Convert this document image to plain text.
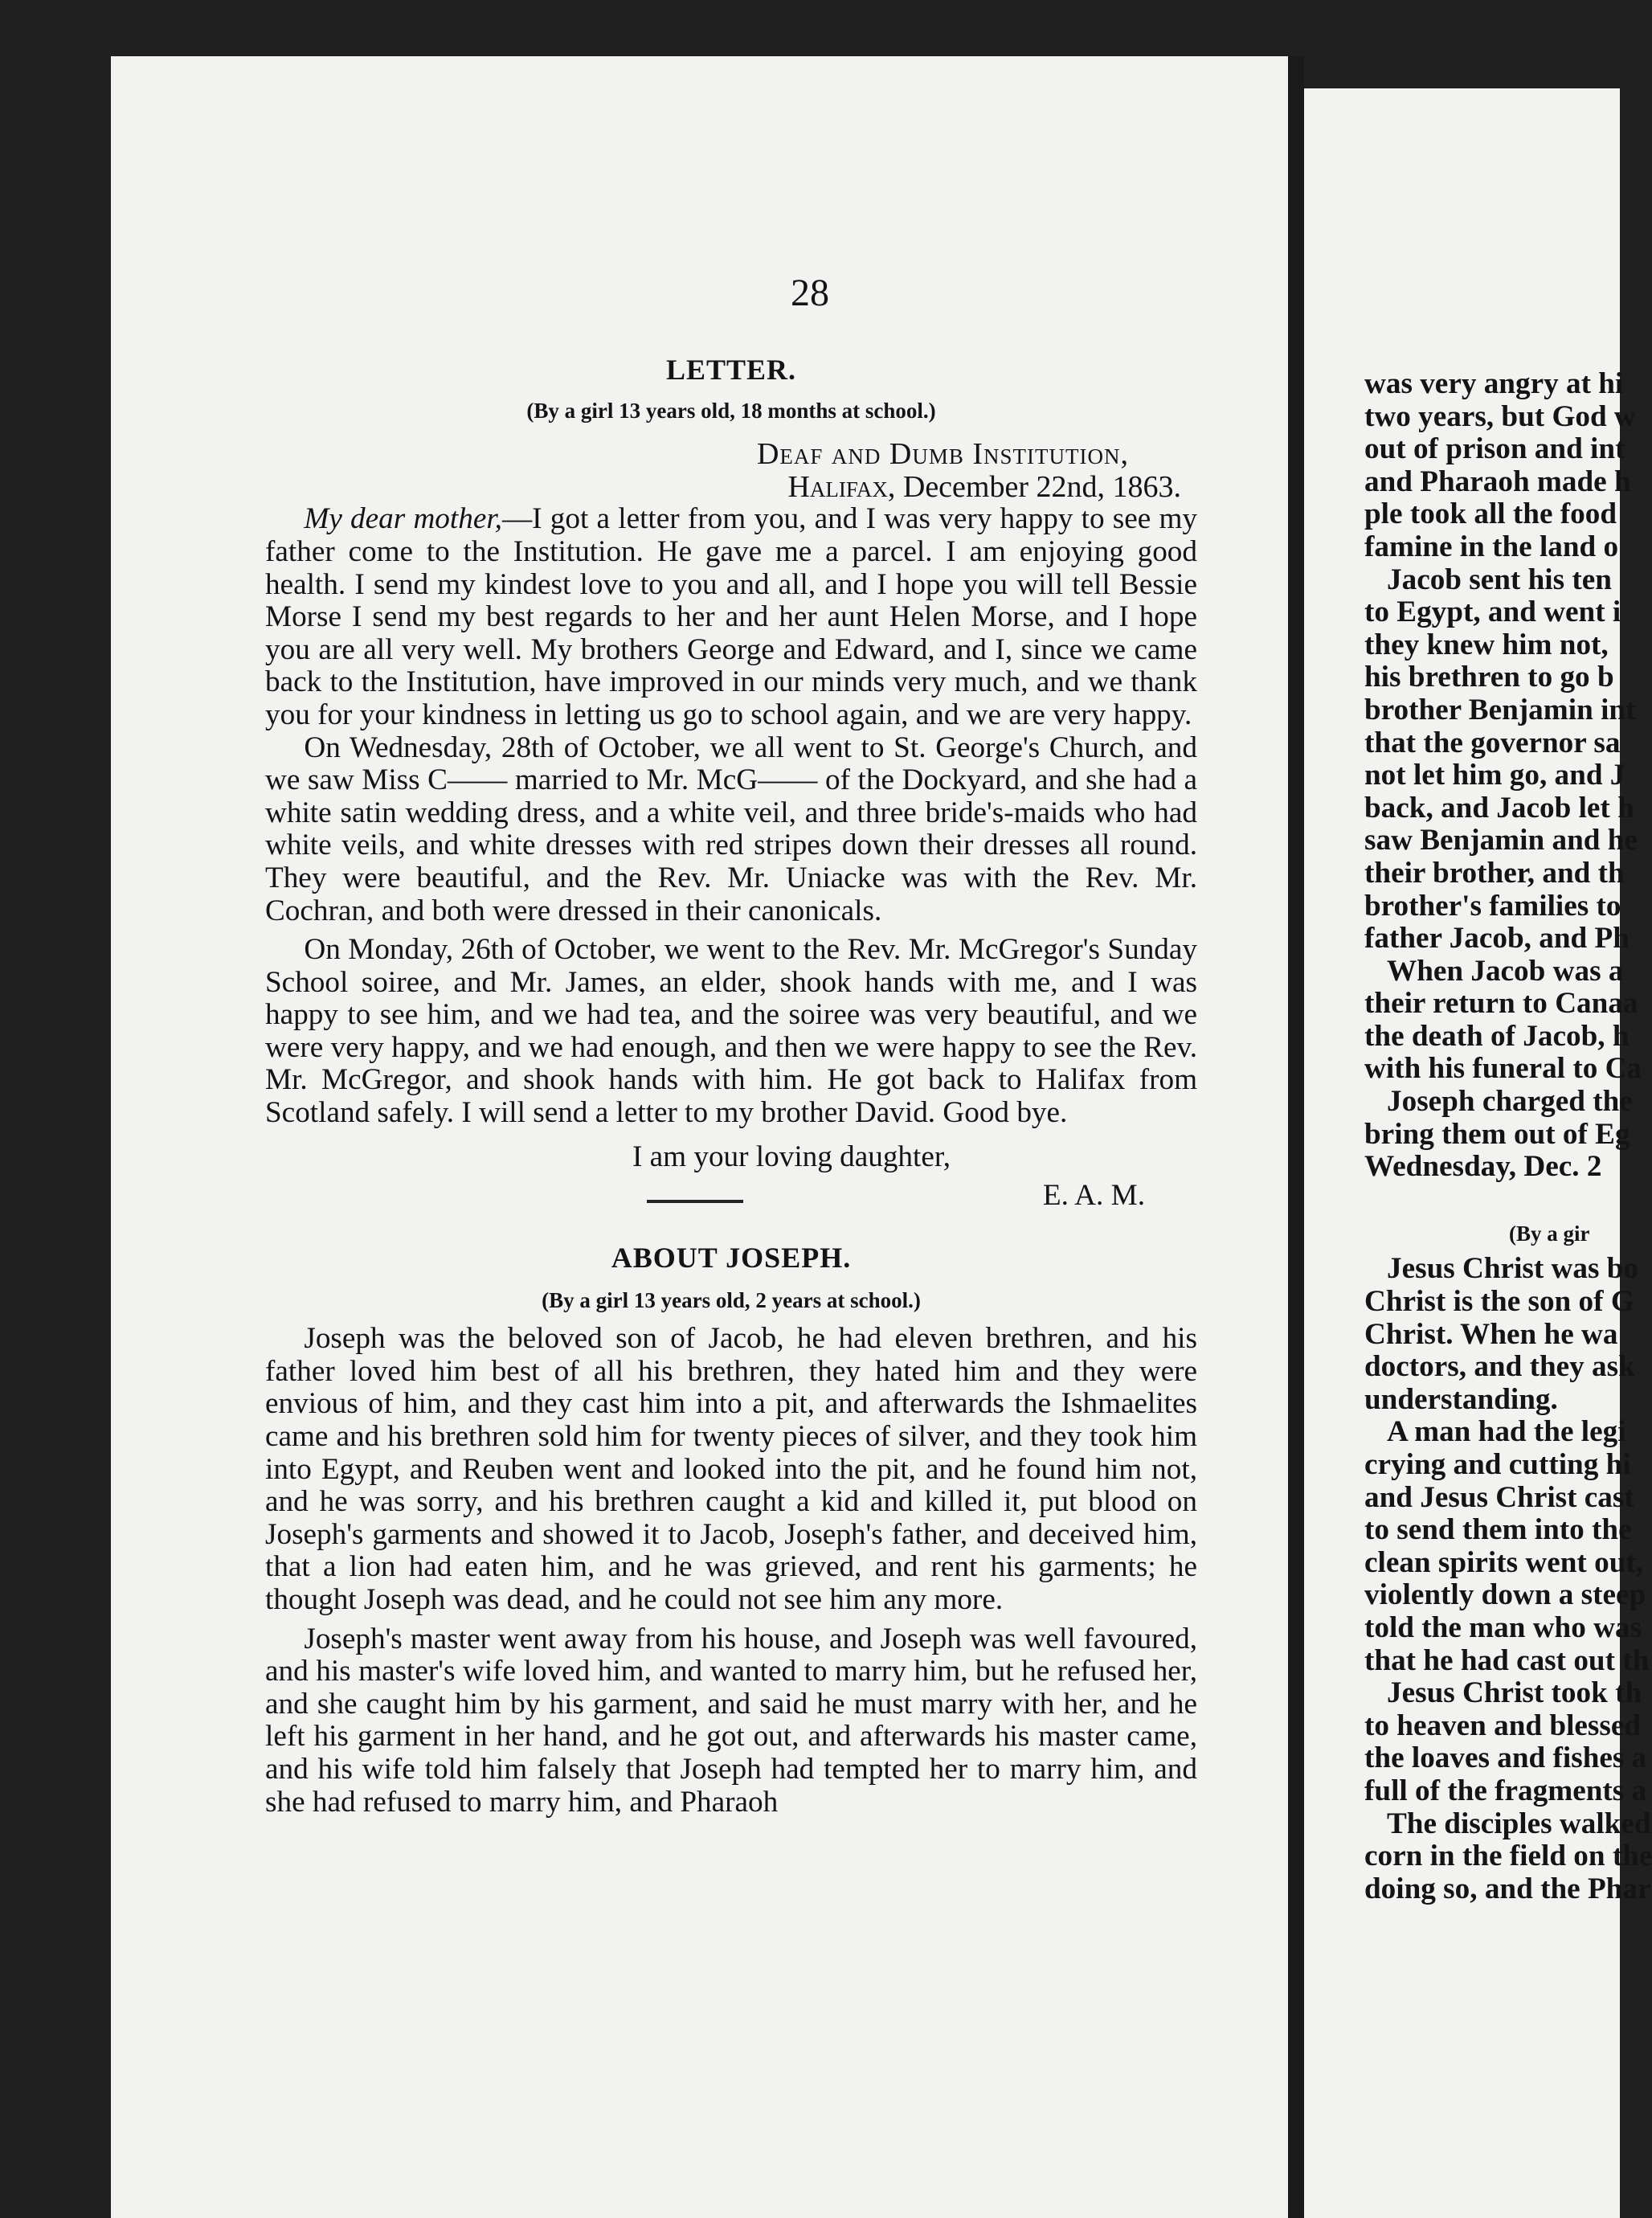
28
LETTER.
(By a girl 13 years old, 18 months at school.)
Deaf and Dumb Institution,
Halifax, December 22nd, 1863.

My dear mother,—I got a letter from you, and I was very happy to see my father come to the Institution. He gave me a parcel. I am enjoying good health. I send my kindest love to you and all, and I hope you will tell Bessie Morse I send my best regards to her and her aunt Helen Morse, and I hope you are all very well. My brothers George and Edward, and I, since we came back to the Institution, have improved in our minds very much, and we thank you for your kindness in letting us go to school again, and we are very happy.

On Wednesday, 28th of October, we all went to St. George's Church, and we saw Miss C—— married to Mr. McG—— of the Dockyard, and she had a white satin wedding dress, and a white veil, and three bride's-maids who had white veils, and white dresses with red stripes down their dresses all round. They were beautiful, and the Rev. Mr. Uniacke was with the Rev. Mr. Cochran, and both were dressed in their canonicals.

On Monday, 26th of October, we went to the Rev. Mr. McGregor's Sunday School soiree, and Mr. James, an elder, shook hands with me, and I was happy to see him, and we had tea, and the soiree was very beautiful, and we were very happy, and we had enough, and then we were happy to see the Rev. Mr. McGregor, and shook hands with him. He got back to Halifax from Scotland safely. I will send a letter to my brother David. Good bye.

I am your loving daughter,
E. A. M.
ABOUT JOSEPH.
(By a girl 13 years old, 2 years at school.)

Joseph was the beloved son of Jacob, he had eleven brethren, and his father loved him best of all his brethren, they hated him and they were envious of him, and they cast him into a pit, and afterwards the Ishmaelites came and his brethren sold him for twenty pieces of silver, and they took him into Egypt, and Reuben went and looked into the pit, and he found him not, and he was sorry, and his brethren caught a kid and killed it, put blood on Joseph's garments and showed it to Jacob, Joseph's father, and deceived him, that a lion had eaten him, and he was grieved, and rent his garments; he thought Joseph was dead, and he could not see him any more.

Joseph's master went away from his house, and Joseph was well favoured, and his master's wife loved him, and wanted to marry him, but he refused her, and she caught him by his garment, and said he must marry with her, and he left his garment in her hand, and he got out, and afterwards his master came, and his wife told him falsely that Joseph had tempted her to marry him, and she had refused to marry him, and Pharaoh

was very angry at hi
two years, but God w
out of prison and int
and Pharaoh made h
ple took all the food
famine in the land o
Jacob sent his ten
to Egypt, and went i
they knew him not,
his brethren to go b
brother Benjamin int
that the governor sa
not let him go, and J
back, and Jacob let h
saw Benjamin and he
their brother, and th
brother's families to
father Jacob, and Ph
When Jacob was a
their return to Canaa
the death of Jacob, h
with his funeral to Ca
Joseph charged the
bring them out of Eg
Wednesday, Dec. 2
(By a gir
Jesus Christ was bo
Christ is the son of G
Christ. When he wa
doctors, and they ask
understanding.
A man had the legi
crying and cutting hi
and Jesus Christ cast
to send them into the
clean spirits went out,
violently down a steep
told the man who was
that he had cast out th
Jesus Christ took th
to heaven and blessed
the loaves and fishes a
full of the fragments a
The disciples walked
corn in the field on the
doing so, and the Phar
